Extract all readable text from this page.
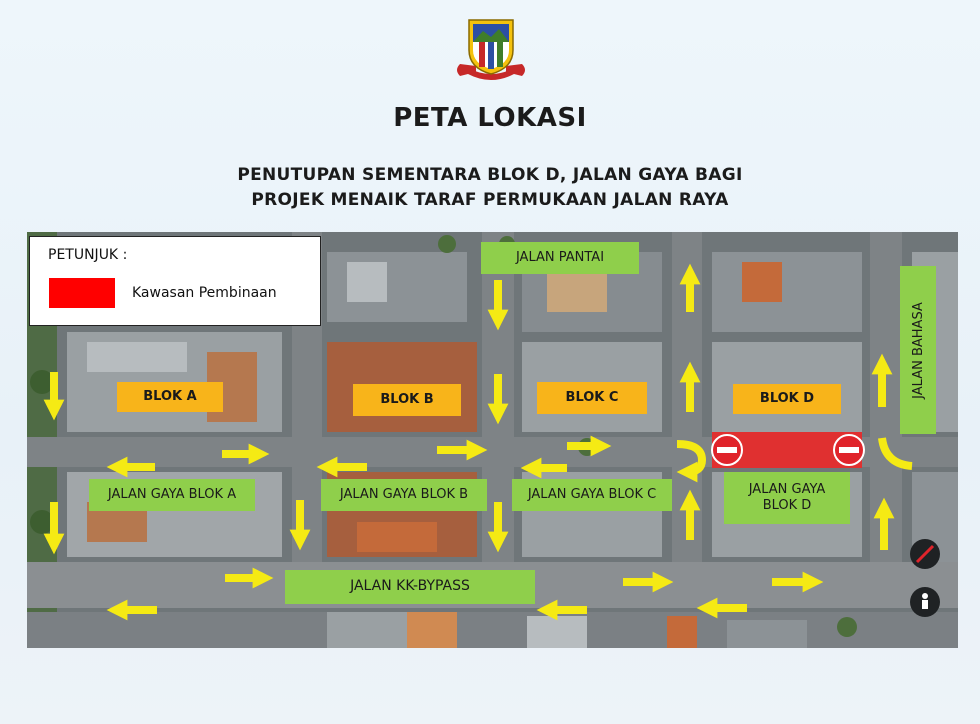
PETA LOKASI
PENUTUPAN SEMENTARA BLOK D, JALAN GAYA BAGI
PROJEK MENAIK TARAF PERMUKAAN JALAN RAYA
BLOK A	BLOK B	BLOK C	BLOK D
JALAN PANTAI
JALAN GAYA BLOK A	JALAN GAYA BLOK B	JALAN GAYA BLOK C	JALAN GAYA BLOK D
JALAN KK-BYPASS
JALAN BAHASA
PETUNJUK :
Kawasan Pembinaan
